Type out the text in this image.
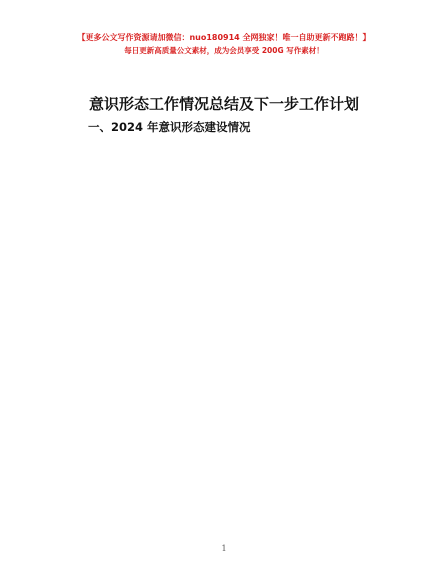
【更多公文写作资源请加微信：nuo180914 全网独家！唯一自助更新不跑路！】
每日更新高质量公文素材，成为会员享受 200G 写作素材！
意识形态工作情况总结及下一步工作计划
一、2024 年意识形态建设情况
1
